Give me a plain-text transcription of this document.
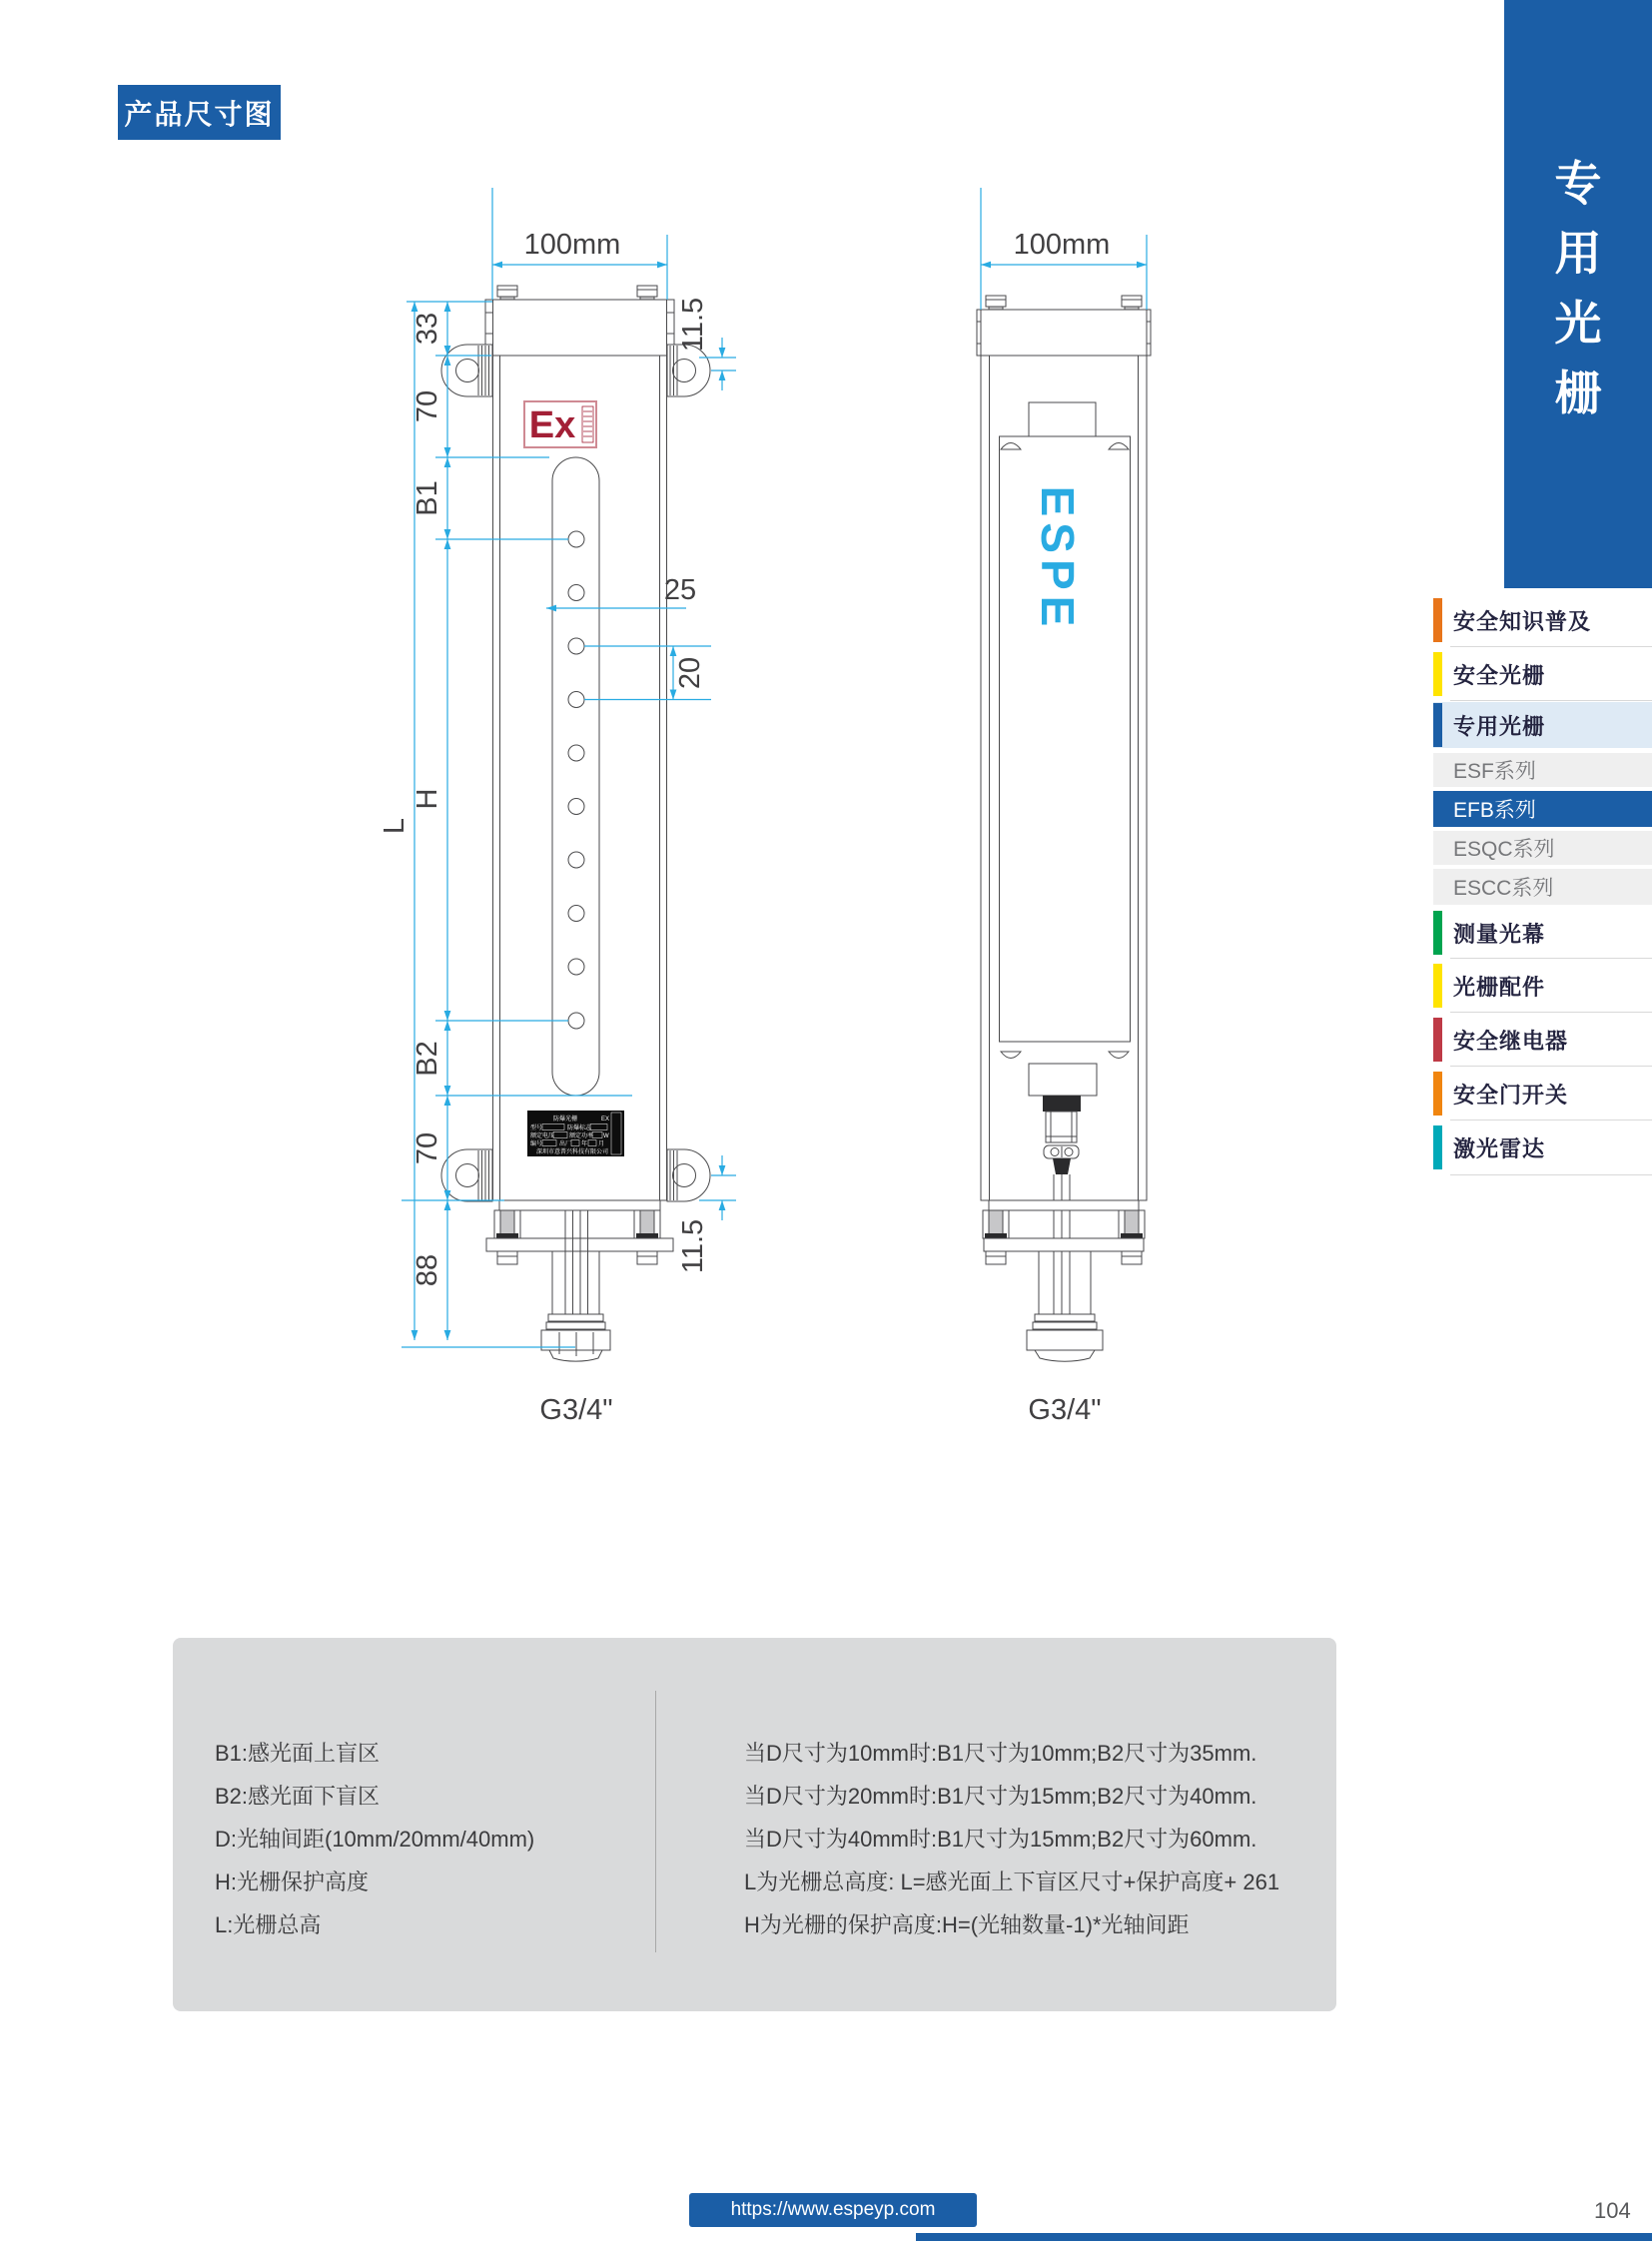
产品尺寸图
Ex
防爆光栅	EX
型号	防爆标志
额定电压 额定功率 W
编号	出厂 年 月
深圳市意普兴科技有限公司
100mm
L
33
70
B1
H
B2
70
88
25
20
11.5
11.5
G3/4"
ESPE
100mm
G3/4"
专
用
光
栅
安全知识普及
安全光栅
专用光栅
ESF系列
EFB系列
ESQC系列
ESCC系列
测量光幕
光栅配件
安全继电器
安全门开关
激光雷达
B1:感光面上盲区
B2:感光面下盲区
D:光轴间距(10mm/20mm/40mm)
H:光栅保护高度
L:光栅总高
当D尺寸为10mm时:B1尺寸为10mm;B2尺寸为35mm.
当D尺寸为20mm时:B1尺寸为15mm;B2尺寸为40mm.
当D尺寸为40mm时:B1尺寸为15mm;B2尺寸为60mm.
L为光栅总高度: L=感光面上下盲区尺寸+保护高度+ 261
H为光栅的保护高度:H=(光轴数量-1)*光轴间距
https://www.espeyp.com	104
